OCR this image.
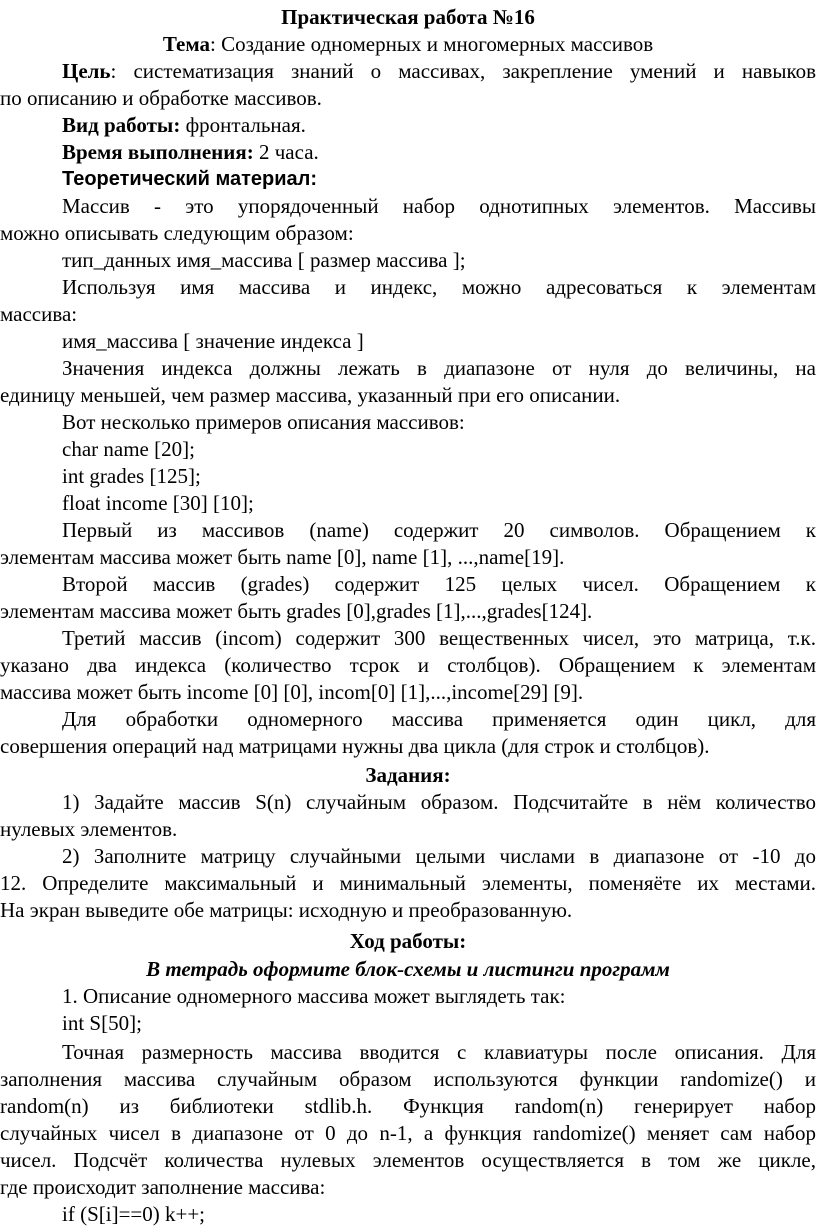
Практическая работа №16
Тема: Создание одномерных и многомерных массивов
Цель: систематизация знаний о массивах, закрепление умений и навыков
по описанию и обработке массивов.
Вид работы: фронтальная.
Время выполнения: 2 часа.
Теоретический материал:
Массив - это упорядоченный набор однотипных элементов. Массивы
можно описывать следующим образом:
тип_данных имя_массива [ размер массива ];
Используя имя массива и индекс, можно адресоваться к элементам
массива:
имя_массива [ значение индекса ]
Значения индекса должны лежать в диапазоне от нуля до величины, на
единицу меньшей, чем размер массива, указанный при его описании.
Вот несколько примеров описания массивов:
char name [20];
int grades [125];
float income [30] [10];
Первый из массивов (name) содержит 20 символов. Обращением к
элементам массива может быть name [0], name [1], ...,name[19].
Второй массив (grades) содержит 125 целых чисел. Обращением к
элементам массива может быть grades [0],grades [1],...,grades[124].
Третий массив (incom) содержит 300 вещественных чисел, это матрица, т.к.
указано два индекса (количество тсрок и столбцов). Обращением к элементам
массива может быть income [0] [0], incom[0] [1],...,income[29] [9].
Для обработки одномерного массива применяется один цикл, для
совершения операций над матрицами нужны два цикла (для строк и столбцов).
Задания:
1) Задайте массив S(n) случайным образом. Подсчитайте в нём количество
нулевых элементов.
2) Заполните матрицу случайными целыми числами в диапазоне от -10 до
12. Определите максимальный и минимальный элементы, поменяёте их местами.
На экран выведите обе матрицы: исходную и преобразованную.
Ход работы:
В тетрадь оформите блок-схемы и листинги программ
1. Описание одномерного массива может выглядеть так:
int S[50];
Точная размерность массива вводится с клавиатуры после описания. Для
заполнения массива случайным образом используются функции randomize() и
random(n) из библиотеки stdlib.h. Функция random(n) генерирует набор
случайных чисел в диапазоне от 0 до n-1, а функция randomize() меняет сам набор
чисел. Подсчёт количества нулевых элементов осуществляется в том же цикле,
где происходит заполнение массива:
if (S[i]==0) k++;
